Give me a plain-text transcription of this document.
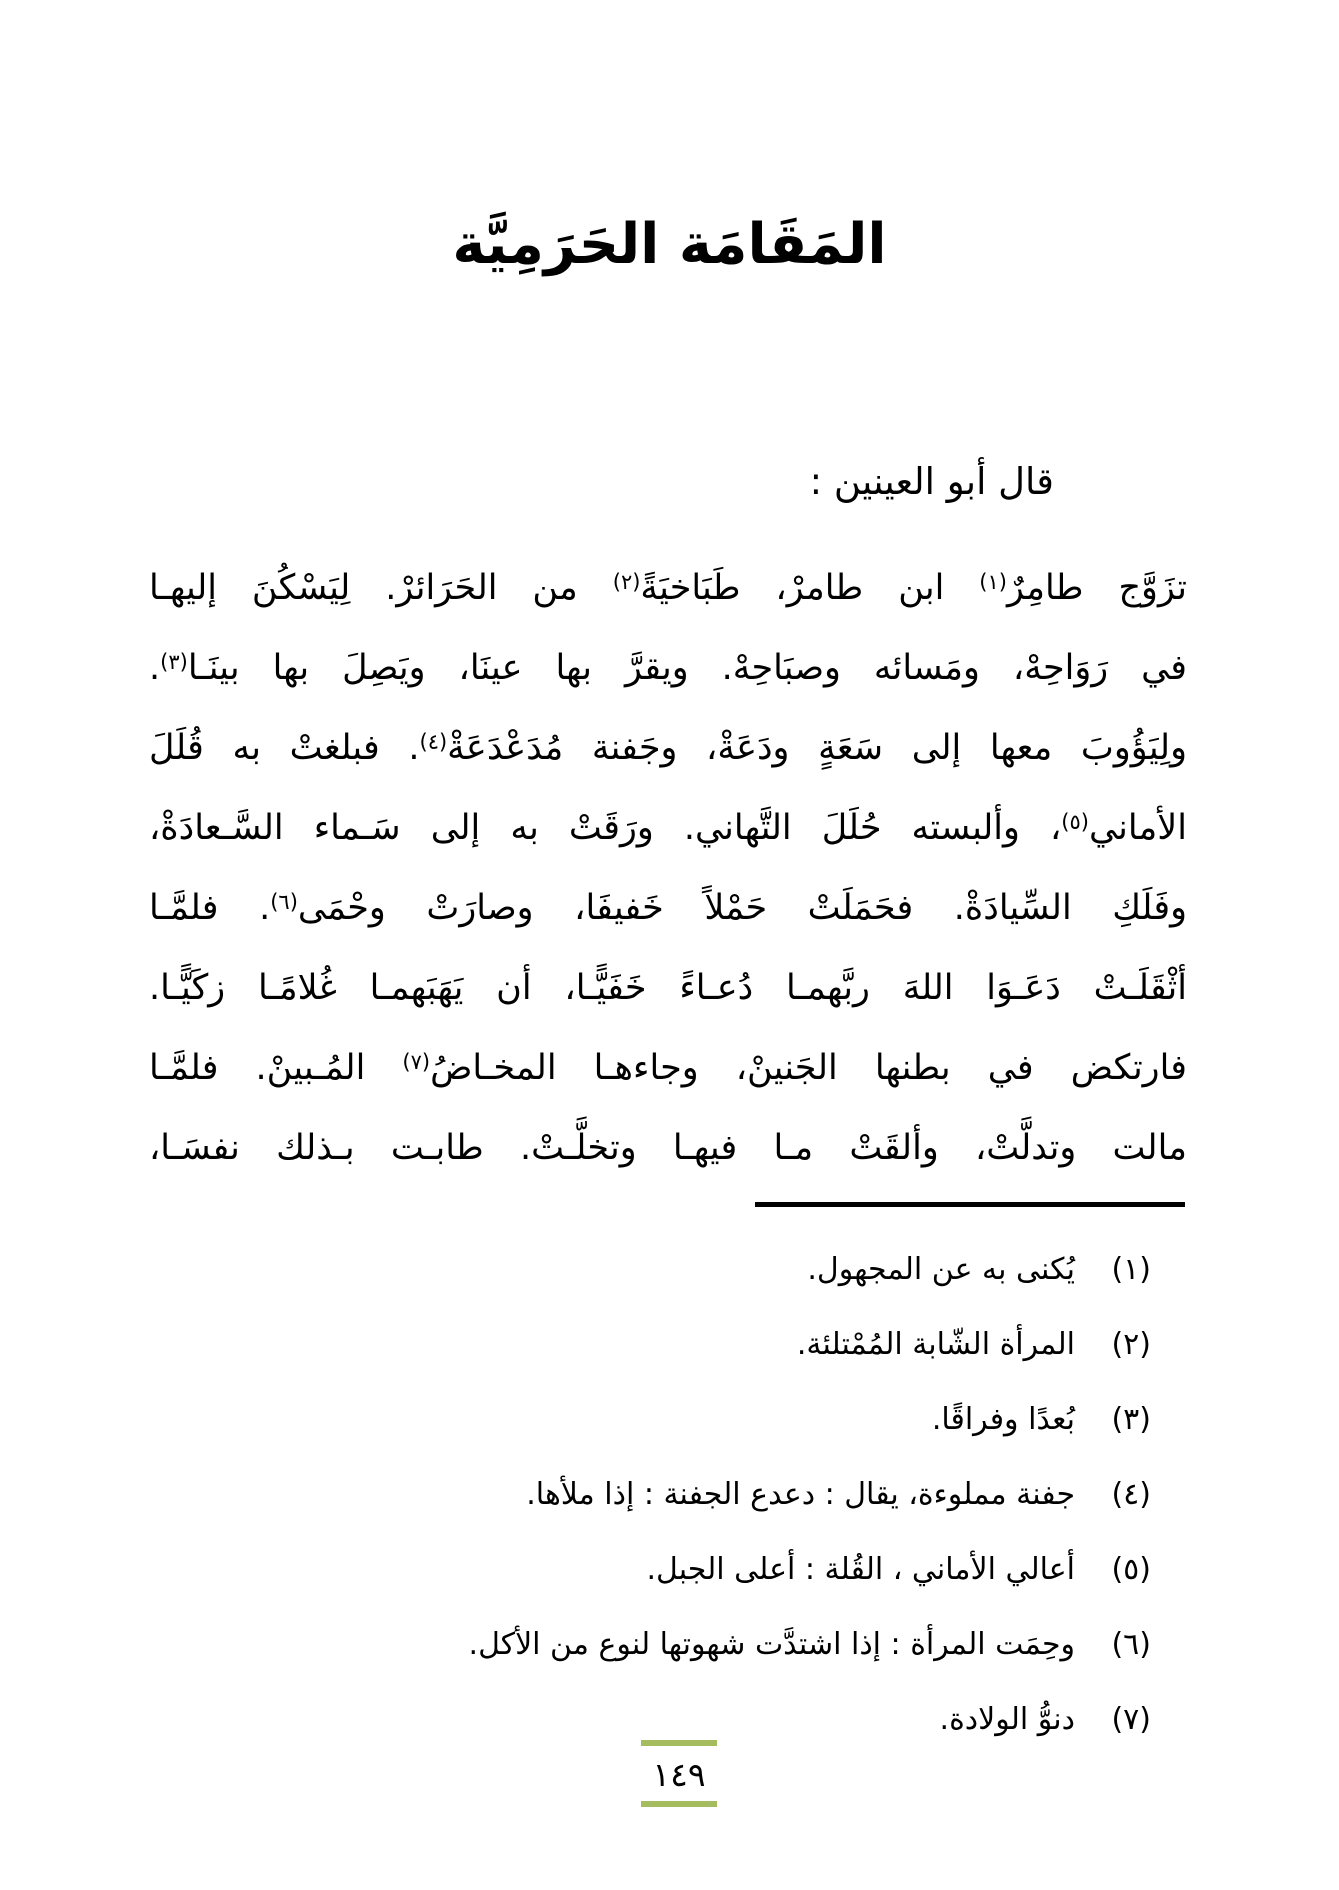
المَقَامَة الحَرَمِيَّة
قال أبو العينين :
تزَوَّج طامِرٌ$^{(١)}$ ابن طامرْ، طَبَاخيَةً$^{(٢)}$ من الحَرَائرْ. لِيَسْكُنَ إليهـا
في رَوَاحِهْ، ومَسائه وصبَاحِهْ. ويقرَّ بها عينَا، ويَصِلَ بها بينَـا$^{(٣)}$.
ولِيَؤُوبَ معها إلى سَعَةٍ ودَعَةْ، وجَفنة مُدَعْدَعَةْ$^{(٤)}$. فبلغتْ به قُلَلَ
الأماني$^{(٥)}$، وألبسته حُلَلَ التَّهاني. ورَقَتْ به إلى سَـماء السَّـعادَةْ،
وفَلَكِ السِّيادَةْ. فحَمَلَتْ حَمْلاً خَفيفَا، وصارَتْ وحْمَى$^{(٦)}$. فلمَّـا
أثْقَلَـتْ دَعَـوَا اللهَ ربَّهمـا دُعـاءً خَفَيًّـا، أن يَهَبَهمـا غُلامًـا زكَيًّـا.
فارتكض في بطنها الجَنينْ، وجاءهـا المخـاضُ$^{(٧)}$ المُـبينْ. فلمَّـا
مالت وتدلَّتْ، وألقَتْ مـا فيهـا وتخلَّـتْ. طابـت بـذلك نفسَـا،
(١)
يُكنى به عن المجهول.
(٢)
المرأة الشّابة المُمْتلئة.
(٣)
بُعدًا وفراقًا.
(٤)
جفنة مملوءة، يقال : دعدع الجفنة : إذا ملأها.
(٥)
أعالي الأماني ، القُلة : أعلى الجبل.
(٦)
وحِمَت المرأة : إذا اشتدَّت شهوتها لنوع من الأكل.
(٧)
دنوُّ الولادة.
١٤٩
